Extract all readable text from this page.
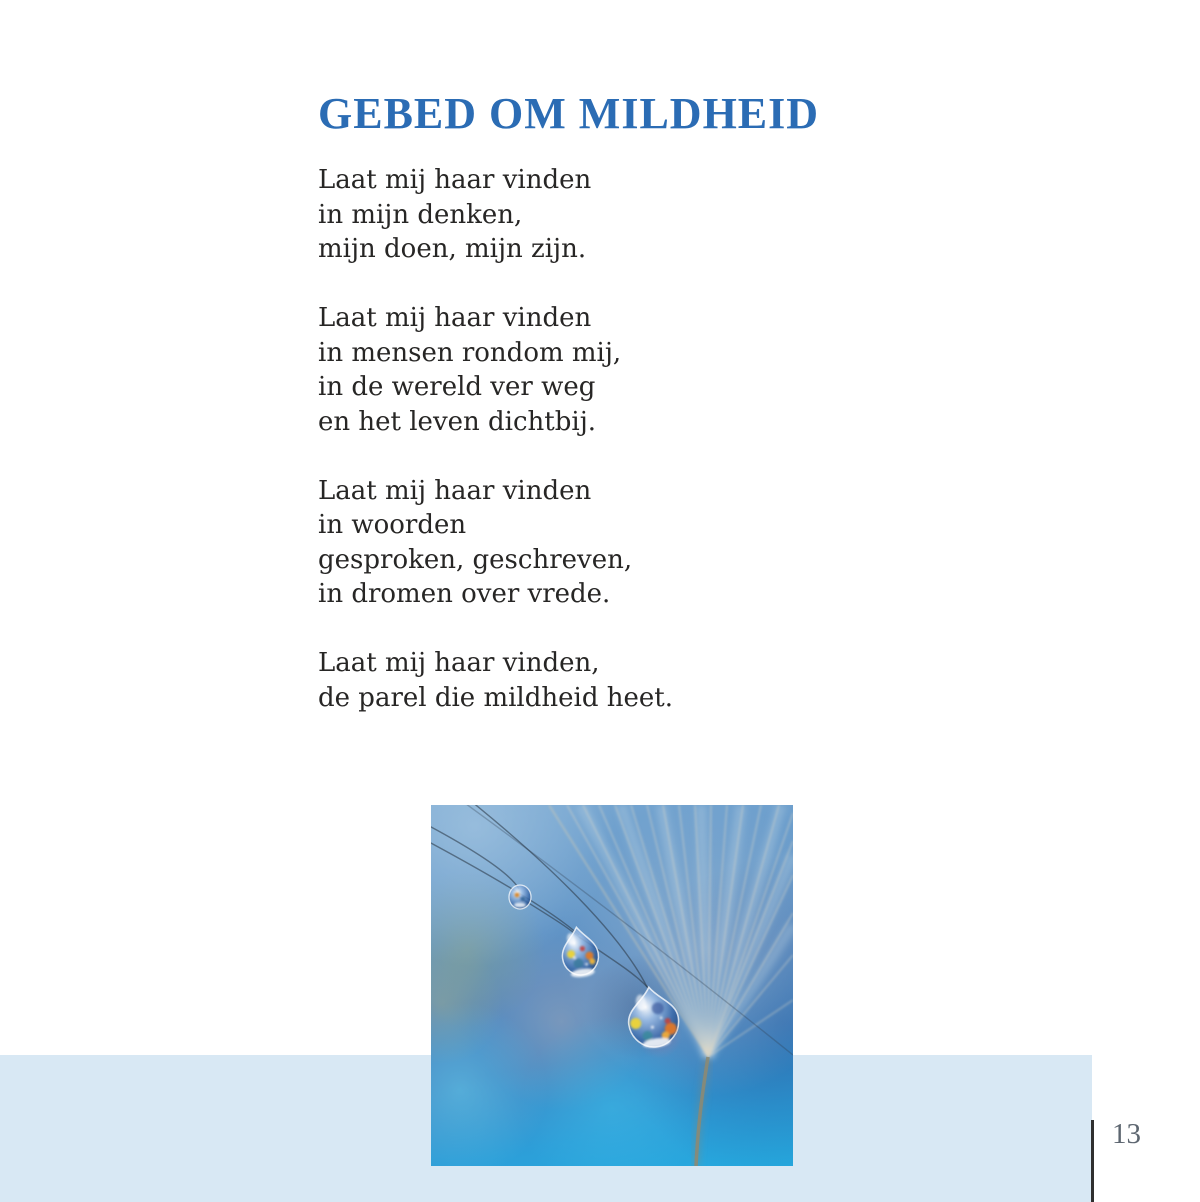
GEBED OM MILDHEID
Laat mij haar vinden
in mijn denken,
mijn doen, mijn zijn.
Laat mij haar vinden
in mensen rondom mij,
in de wereld ver weg
en het leven dichtbij.
Laat mij haar vinden
in woorden
gesproken, geschreven,
in dromen over vrede.
Laat mij haar vinden,
de parel die mildheid heet.
13
